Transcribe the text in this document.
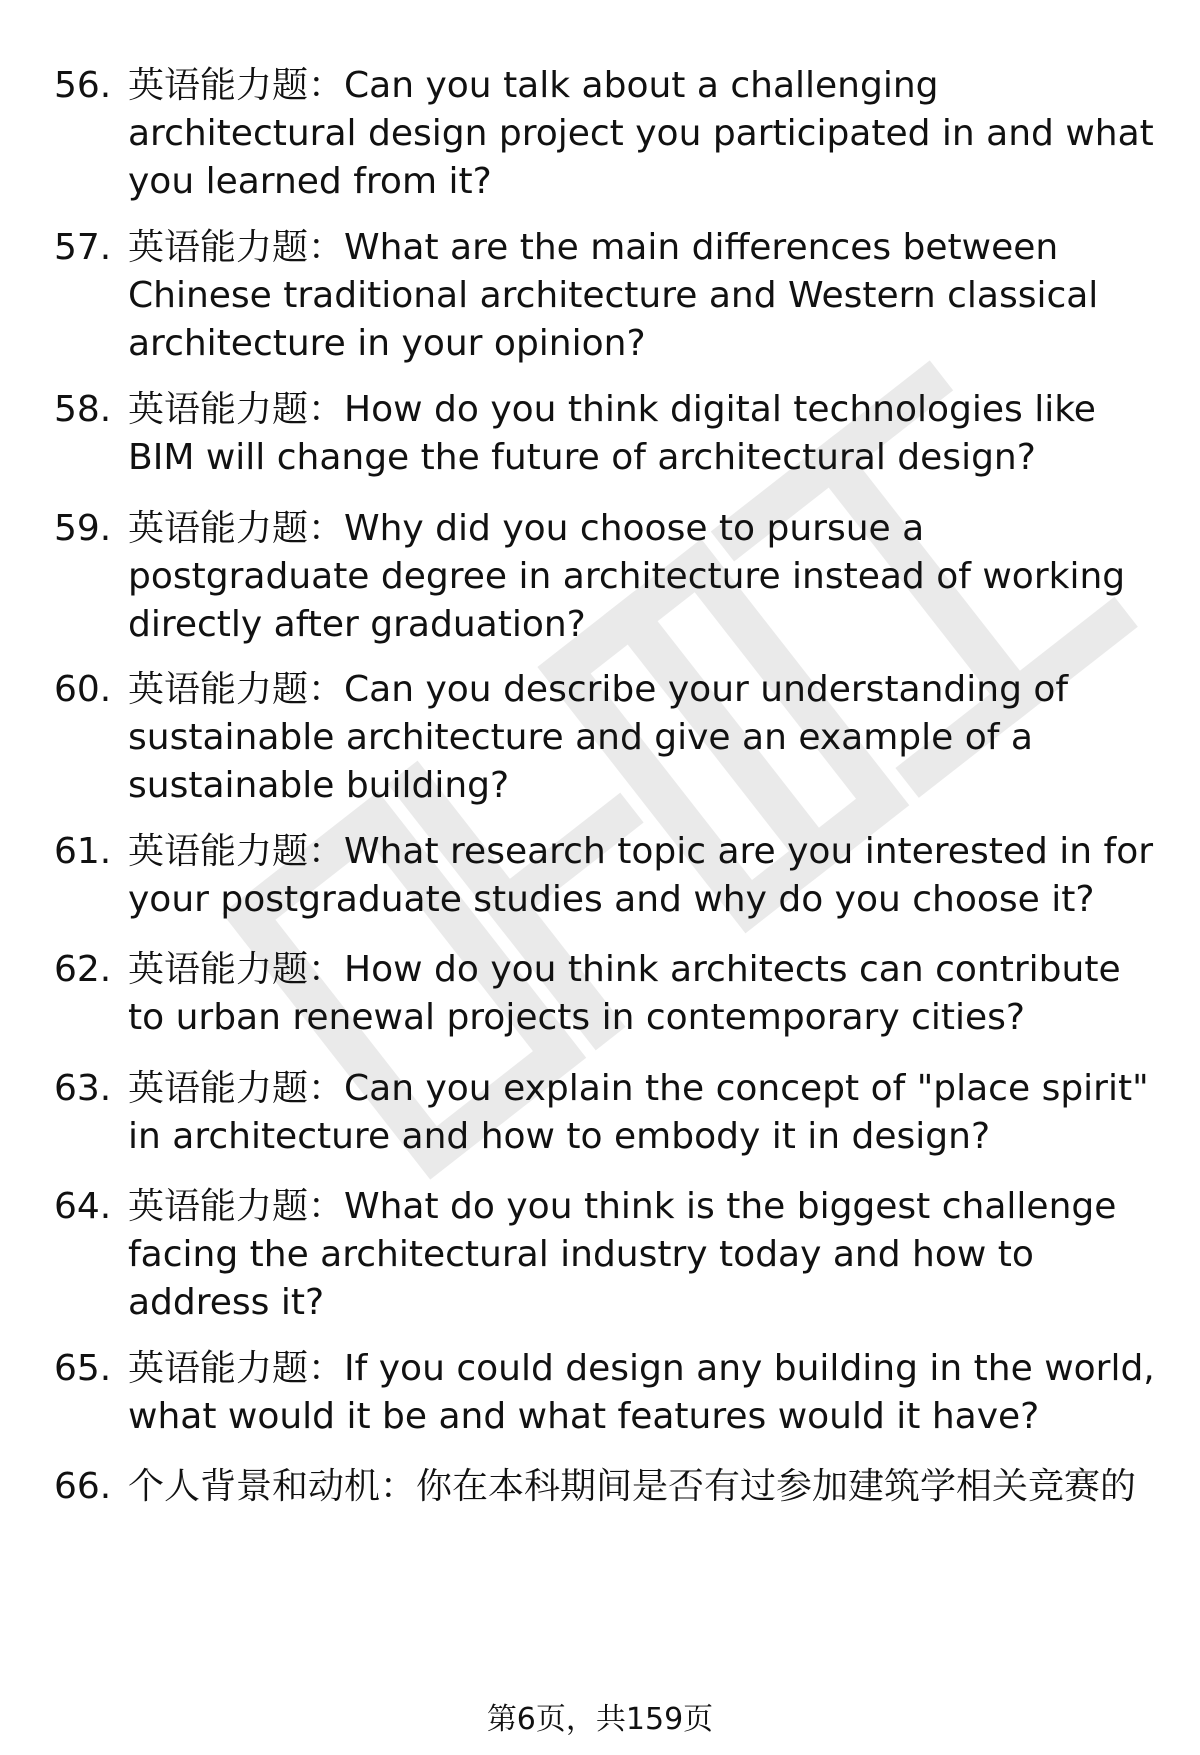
56. 英语能力题：Can you talk about a challenging architectural design project you participated in and what you learned from it?
57. 英语能力题：What are the main differences between Chinese traditional architecture and Western classical architecture in your opinion?
58. 英语能力题：How do you think digital technologies like BIM will change the future of architectural design?
59. 英语能力题：Why did you choose to pursue a postgraduate degree in architecture instead of working directly after graduation?
60. 英语能力题：Can you describe your understanding of sustainable architecture and give an example of a sustainable building?
61. 英语能力题：What research topic are you interested in for your postgraduate studies and why do you choose it?
62. 英语能力题：How do you think architects can contribute to urban renewal projects in contemporary cities?
63. 英语能力题：Can you explain the concept of "place spirit" in architecture and how to embody it in design?
64. 英语能力题：What do you think is the biggest challenge facing the architectural industry today and how to address it?
65. 英语能力题：If you could design any building in the world, what would it be and what features would it have?
66. 个人背景和动机：你在本科期间是否有过参加建筑学相关竞赛的
第6页，共159页
